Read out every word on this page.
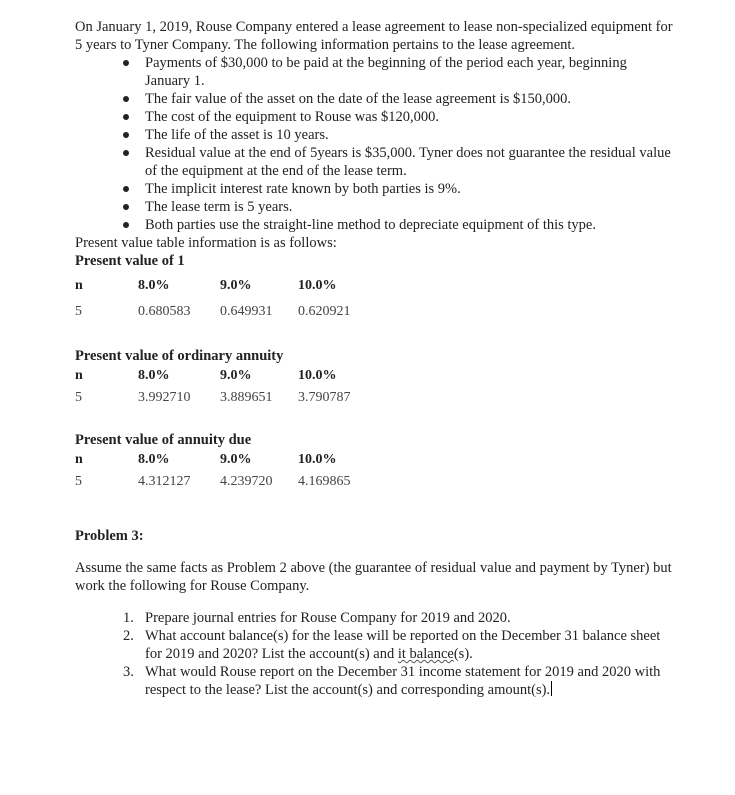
On January 1, 2019, Rouse Company entered a lease agreement to lease non-specialized equipment for 5 years to Tyner Company. The following information pertains to the lease agreement.

Payments of $30,000 to be paid at the beginning of the period each year, beginning January 1.
The fair value of the asset on the date of the lease agreement is $150,000.
The cost of the equipment to Rouse was $120,000.
The life of the asset is 10 years.
Residual value at the end of 5years is $35,000. Tyner does not guarantee the residual value of the equipment at the end of the lease term.
The implicit interest rate known by both parties is 9%.
The lease term is 5 years.
Both parties use the straight-line method to depreciate equipment of this type.

Present value table information is as follows:

Present value of 1

n	8.0%	9.0%	10.0%
5	0.680583	0.649931	0.620921

Present value of ordinary annuity

n	8.0%	9.0%	10.0%
5	3.992710	3.889651	3.790787

Present value of annuity due

n	8.0%	9.0%	10.0%
5	4.312127	4.239720	4.169865

Problem 3:

Assume the same facts as Problem 2 above (the guarantee of residual value and payment by Tyner) but work the following for Rouse Company.

Prepare journal entries for Rouse Company for 2019 and 2020.
What account balance(s) for the lease will be reported on the December 31 balance sheet for 2019 and 2020? List the account(s) and it balance(s).
What would Rouse report on the December 31 income statement for 2019 and 2020 with respect to the lease? List the account(s) and corresponding amount(s).
